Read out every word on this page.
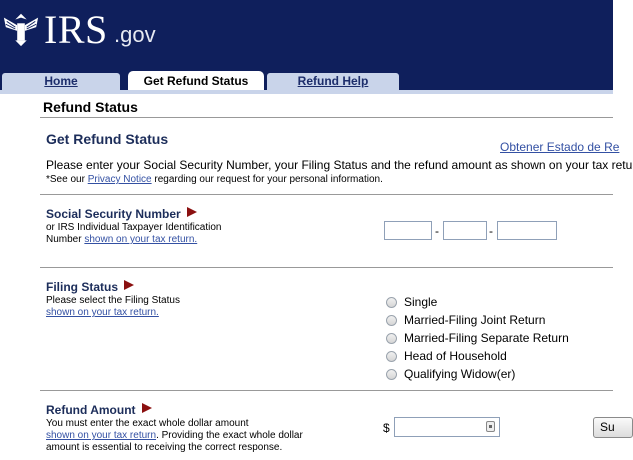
IRS .gov
Home	Get Refund Status	Refund Help
Refund Status
Get Refund Status	Obtener Estado de Re
Please enter your Social Security Number, your Filing Status and the refund amount as shown on your tax retu
*See our Privacy Notice regarding our request for your personal information.
Social Security Number
or IRS Individual Taxpayer Identification
Number shown on your tax return.
-	-
Filing Status
Please select the Filing Status
shown on your tax return.
Single
Married-Filing Joint Return
Married-Filing Separate Return
Head of Household
Qualifying Widow(er)
Refund Amount
You must enter the exact whole dollar amount
shown on your tax return. Providing the exact whole dollar
amount is essential to receiving the correct response.
$	Su
